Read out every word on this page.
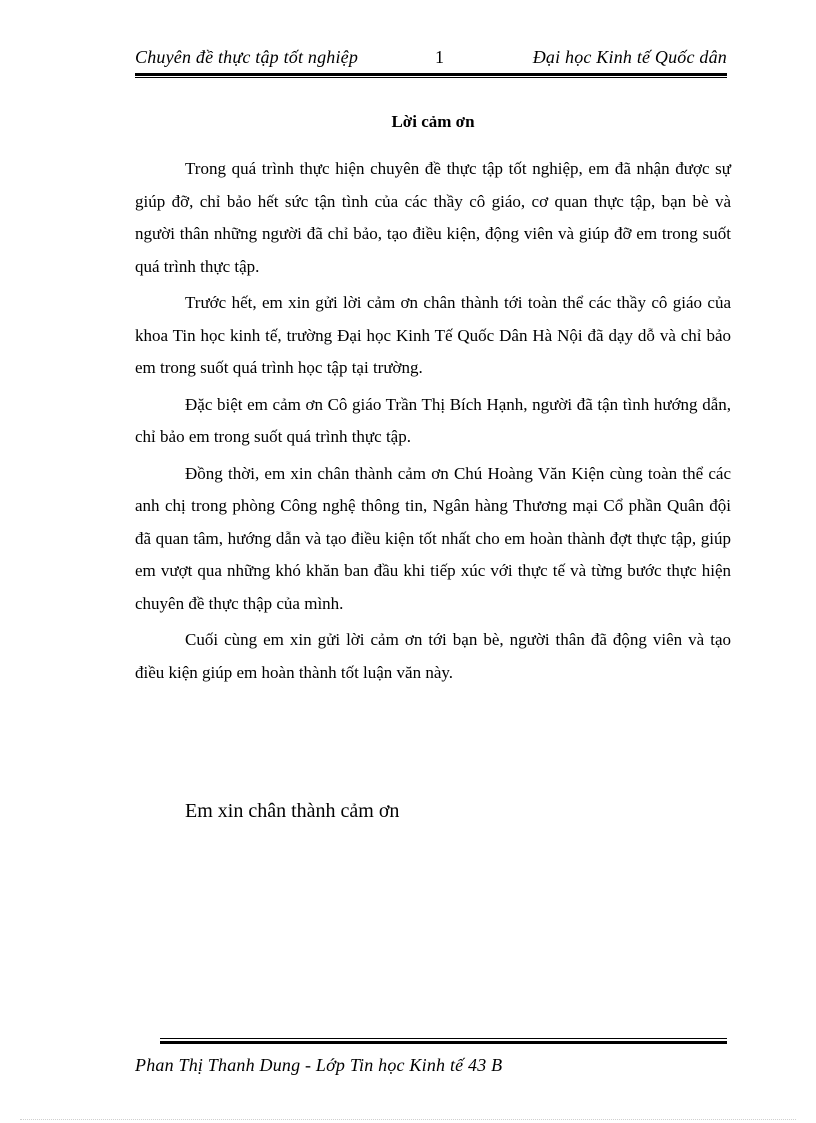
Chuyên đề thực tập tốt nghiệp	1	Đại học Kinh tế Quốc dân
Lời cảm ơn

Trong quá trình thực hiện chuyên đề thực tập tốt nghiệp, em đã nhận được sự giúp đỡ, chỉ bảo hết sức tận tình của các thầy cô giáo, cơ quan thực tập, bạn bè và người thân những người đã chỉ bảo, tạo điều kiện, động viên và giúp đỡ em trong suốt quá trình thực tập.

Trước hết, em xin gửi lời cảm ơn chân thành tới toàn thể các thầy cô giáo của khoa Tin học kinh tế, trường Đại học Kinh Tế Quốc Dân Hà Nội đã dạy dỗ và chỉ bảo em trong suốt quá trình học tập tại trường.

Đặc biệt em cảm ơn Cô giáo Trần Thị Bích Hạnh, người đã tận tình hướng dẫn, chỉ bảo em trong suốt quá trình thực tập.

Đồng thời, em xin chân thành cảm ơn Chú Hoàng Văn Kiện cùng toàn thể các anh chị trong phòng Công nghệ thông tin, Ngân hàng Thương mại Cổ phần Quân đội đã quan tâm, hướng dẫn và tạo điều kiện tốt nhất cho em hoàn thành đợt thực tập, giúp em vượt qua những khó khăn ban đầu khi tiếp xúc với thực tế và từng bước thực hiện chuyên đề thực thập của mình.

Cuối cùng em xin gửi lời cảm ơn tới bạn bè, người thân đã động viên và tạo điều kiện giúp em hoàn thành tốt luận văn này.

Em xin chân thành cảm ơn
Phan Thị Thanh Dung - Lớp Tin học Kinh tế 43 B
